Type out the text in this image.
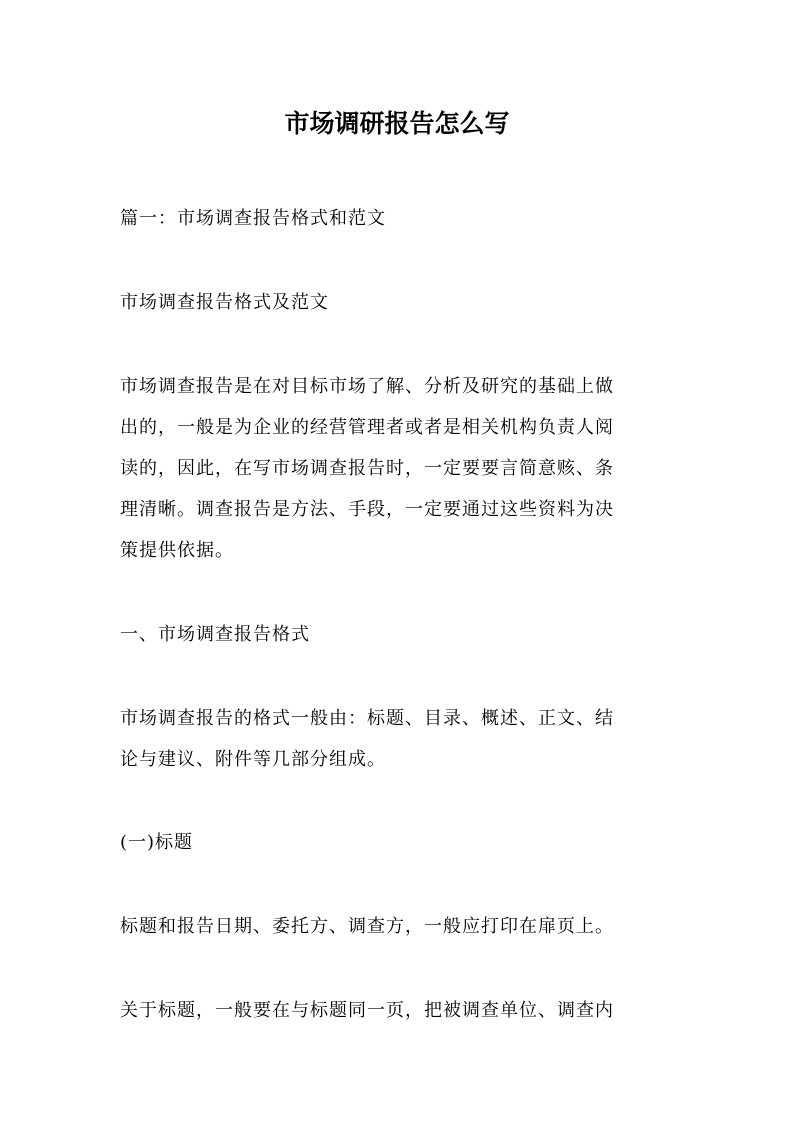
市场调研报告怎么写

篇一：市场调查报告格式和范文

市场调查报告格式及范文

市场调查报告是在对目标市场了解、分析及研究的基础上做
出的，一般是为企业的经营管理者或者是相关机构负责人阅
读的，因此，在写市场调查报告时，一定要要言简意赅、条
理清晰。调查报告是方法、手段，一定要通过这些资料为决
策提供依据。

一、市场调查报告格式

市场调查报告的格式一般由：标题、目录、概述、正文、结
论与建议、附件等几部分组成。

(一)标题

标题和报告日期、委托方、调查方，一般应打印在扉页上。

关于标题，一般要在与标题同一页，把被调查单位、调查内
